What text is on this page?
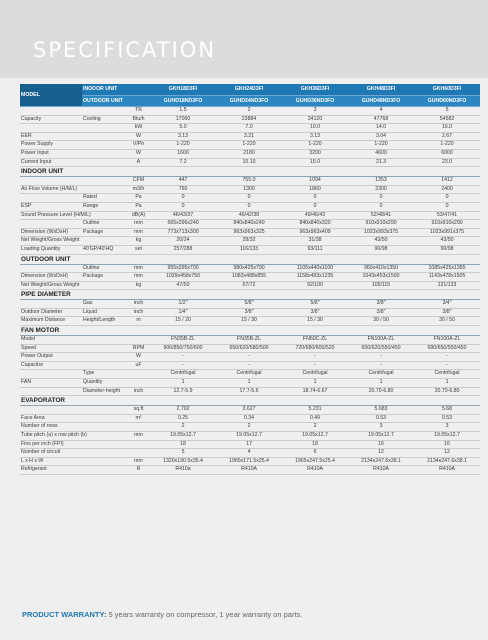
SPECIFICATION
MODEL	INDOOR UNIT		GKH18D3FI	GKH24D3FI	GKH36D3FI	GKH48D3FI	GKH60D3FI
	OUTDOOR UNIT		GUHD18ND3FO	GUHD24ND3FO	GUHD36ND3FO	GUHD48ND3FO	GUHD60ND3FO
		TR	1.5	2	3	4	5
Capacity	Cooling	Btu/h	17060	23884	34120	47768	54582
		kW	5.0	7.0	10.0	14.0	16.0
EER		W	3.13	3.21	3.13	3.04	2.67
Power Supply		V/Ph	1-220	1-220	1-220	1-220	1-220
Power Input		W	1600	2180	3200	4600	6000
Current Input		A	7.2	10.10	15.0	21.3	23.0
INDOOR UNIT							
		CFM	447	755.0	1094	1353	1412
Air Flow Volume (H/M/L)		m3/h	760	1300	1860	2300	2400
	Rated	Pa	0	0	0	0	0
ESP	Range	Pa	0	0	0	0	0
Sound Pressure Level (H/M/L)		dB(A)	46/43/37	46/42/38	49/46/43	52/48/41	53/47/41
	Outline	mm	665x396x240	840x840x240	840x840x320	910x910x290	910x910x290
Dimension (WxDxH)	Package	mm	773x713x300	963x963x325	963x963x409	1023x993x375	1023x991x375
Net Weight/Gross Weight		kg	20/24	28/32	31/38	43/50	43/50
Loading Quantity	40'GP/40'HQ	set	257/288	116/133	93/111	90/98	90/98
OUTDOOR UNIT							
	Outline	mm	955x395x700	980x425x790	1105x440x1100	960x410x1350	1085x425x1365
Dimension (WxDxH)	Package	mm	1029x458x750	1083x488x855	1158x493x1235	1043x453x1500	1143x478x1505
Net Weight/Gross Weight		kg	47/50	67/72	92/100	105/115	121/133
PIPE DIAMETER							
	Gas	inch	1/2"	5/8"	5/8"	3/8"	3/4"
Outdoor Diameter	Liquid	inch	1/4"	3/8"	3/8"	3/8"	3/8"
Maximum Distance	Height/Length	m	15 / 20	15 / 30	15 / 30	30 / 50	30 / 50
FAN MOTOR							
Model			FN35B-ZL	FN35B-ZL	FN60C-ZL	FN100A-ZL	FN100A-ZL
Speed		RPM	900/850/750/600	650/620/580/500	720/680/600/520	650/620/550/450	680/650/550/450
Power Output		W	-	-	-	-	-
Capacitor		uF	-	-	-	-	-
	Type		Centrifugal	Centrifugal	Centrifugal	Centrifugal	Centrifugal
FAN	Quantity		1	1	1	1	1
	Diameter-height	inch	12.7-5.9	17.7-5.6	18.74-6.67	20.70-6.80	20.70-6.80
EVAPORATOR							
		sq.ft	2.702	3.627	5.231	5.683	5.68
Face Area		m²	0.25	0.34	0.49	0.53	0.53
Number of rows			2	2	2	3	3
Tube pitch (a) x row pitch (b)		mm	19.05x12.7	19.05x12.7	19.05x12.7	19.05x12.7	19.05x12.7
Fins per inch (FPI)			18	17	18	16	16
Number of circuit			5	4	6	12	12
L x H x W		mm	1320x190.5x35.4	1965x171.5x25.4	1965x247.5x25.4	2134x247.6x38.1	2134x247.6x38.1
Refrigerant		R	R410a	R410A	R410A	R410A	R410A
PRODUCT WARRANTY: 5 years warranty on compressor, 1 year warranty on parts.
